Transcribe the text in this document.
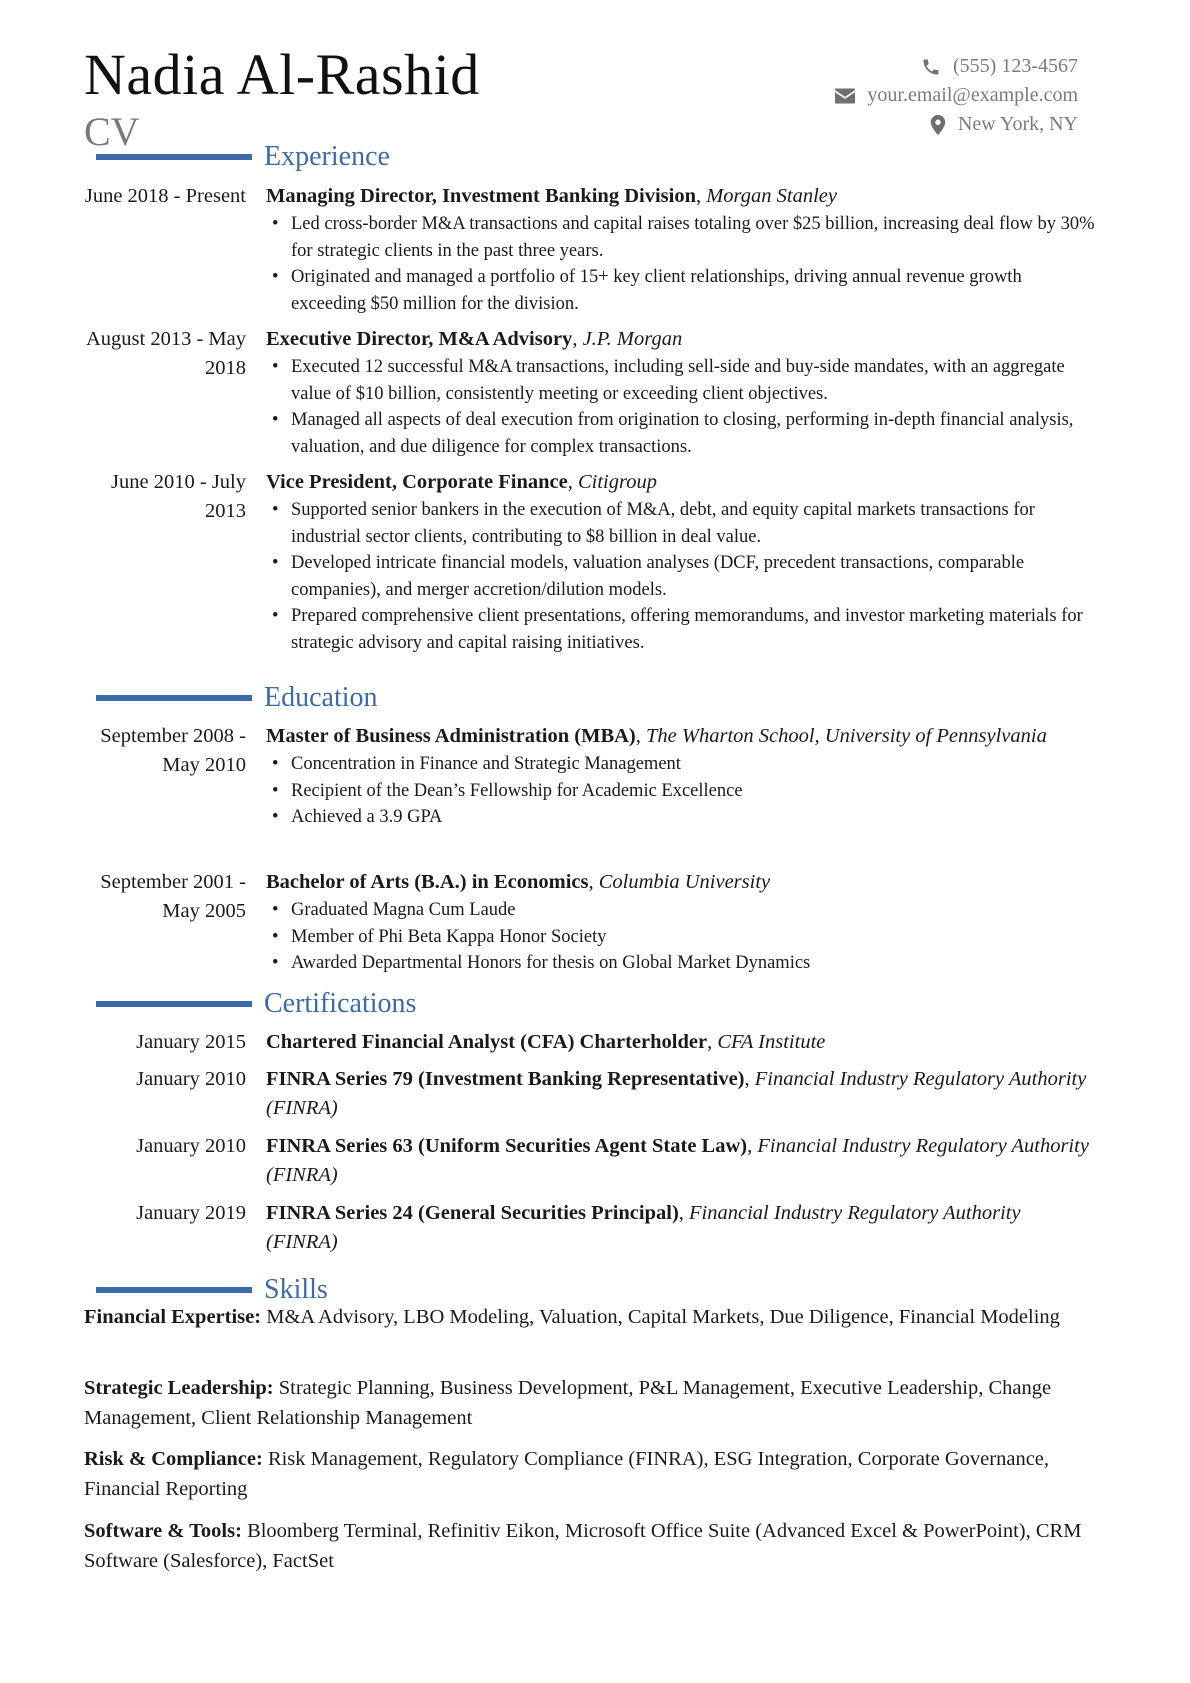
Nadia Al-Rashid
CV
(555) 123-4567
your.email@example.com
New York, NY
Experience
June 2018 - Present Managing Director, Investment Banking Division, Morgan Stanley
• Led cross-border M&A transactions and capital raises totaling over $25 billion, increasing deal flow by 30% for strategic clients in the past three years.
• Originated and managed a portfolio of 15+ key client relationships, driving annual revenue growth exceeding $50 million for the division.
August 2013 - May 2018
Executive Director, M&A Advisory, J.P. Morgan
• Executed 12 successful M&A transactions, including sell-side and buy-side mandates, with an aggregate value of $10 billion, consistently meeting or exceeding client objectives.
• Managed all aspects of deal execution from origination to closing, performing in-depth financial analysis, valuation, and due diligence for complex transactions.
June 2010 - July 2013
Vice President, Corporate Finance, Citigroup
• Supported senior bankers in the execution of M&A, debt, and equity capital markets transactions for industrial sector clients, contributing to $8 billion in deal value.
• Developed intricate financial models, valuation analyses (DCF, precedent transactions, comparable companies), and merger accretion/dilution models.
• Prepared comprehensive client presentations, offering memorandums, and investor marketing materials for strategic advisory and capital raising initiatives.
Education
September 2008 - May 2010
Master of Business Administration (MBA), The Wharton School, University of Pennsylvania
• Concentration in Finance and Strategic Management
• Recipient of the Dean’s Fellowship for Academic Excellence
• Achieved a 3.9 GPA
September 2001 - May 2005
Bachelor of Arts (B.A.) in Economics, Columbia University
• Graduated Magna Cum Laude
• Member of Phi Beta Kappa Honor Society
• Awarded Departmental Honors for thesis on Global Market Dynamics
Certifications
January 2015 Chartered Financial Analyst (CFA) Charterholder, CFA Institute
January 2010 FINRA Series 79 (Investment Banking Representative), Financial Industry Regulatory Authority (FINRA)
January 2010 FINRA Series 63 (Uniform Securities Agent State Law), Financial Industry Regulatory Authority (FINRA)
January 2019 FINRA Series 24 (General Securities Principal), Financial Industry Regulatory Authority (FINRA)
Skills
Financial Expertise: M&A Advisory, LBO Modeling, Valuation, Capital Markets, Due Diligence, Financial Modeling
Strategic Leadership: Strategic Planning, Business Development, P&L Management, Executive Leadership, Change Management, Client Relationship Management
Risk & Compliance: Risk Management, Regulatory Compliance (FINRA), ESG Integration, Corporate Governance, Financial Reporting
Software & Tools: Bloomberg Terminal, Refinitiv Eikon, Microsoft Office Suite (Advanced Excel & PowerPoint), CRM Software (Salesforce), FactSet
